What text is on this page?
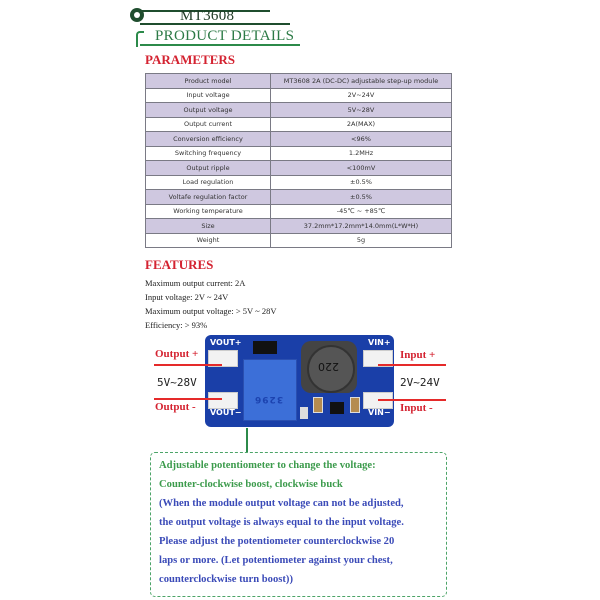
MT3608
PRODUCT DETAILS
PARAMETERS
Product model	MT3608 2A (DC-DC) adjustable step-up module
Input voltage	2V~24V
Output voltage	5V~28V
Output current	2A(MAX)
Conversion efficiency	<96%
Switching frequency	1.2MHz
Output ripple	<100mV
Load regulation	±0.5%
Voltafe regulation factor	±0.5%
Working temperature	-45℃ ~ +85℃
Size	37.2mm*17.2mm*14.0mm(L*W*H)
Weight	5g
FEATURES
Maximum output current: 2A
Input voltage: 2V ~ 24V
Maximum output voltage: > 5V ~ 28V
Efficiency: > 93%
VOUT+
VOUT−
3296
220
VIN+
VIN−
Output +
5V~28V
Output -
Input +
2V~24V
Input -
Adjustable potentiometer to change the voltage:
Counter-clockwise boost, clockwise buck
(When the module output voltage can not be adjusted,
the output voltage is always equal to the input voltage.
Please adjust the potentiometer counterclockwise 20
laps or more. (Let potentiometer against your chest,
counterclockwise turn boost))
